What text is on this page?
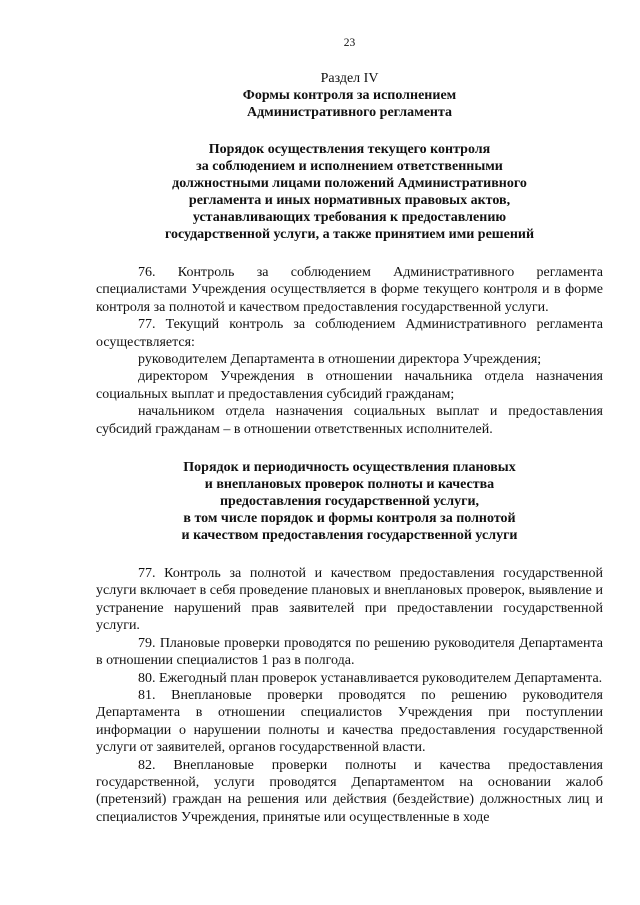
23
Раздел IV
Формы контроля за исполнением
Административного регламента
Порядок осуществления текущего контроля
за соблюдением и исполнением ответственными
должностными лицами положений Административного
регламента и иных нормативных правовых актов,
устанавливающих требования к предоставлению
государственной услуги, а также принятием ими решений

76. Контроль за соблюдением Административного регламента специалистами Учреждения осуществляется в форме текущего контроля и в форме контроля за полнотой и качеством предоставления государственной услуги.

77. Текущий контроль за соблюдением Административного регламента осуществляется:

руководителем Департамента в отношении директора Учреждения;

директором Учреждения в отношении начальника отдела назначения социальных выплат и предоставления субсидий гражданам;

начальником отдела назначения социальных выплат и предоставления субсидий гражданам – в отношении ответственных исполнителей.

Порядок и периодичность осуществления плановых
и внеплановых проверок полноты и качества
предоставления государственной услуги,
в том числе порядок и формы контроля за полнотой
и качеством предоставления государственной услуги

77. Контроль за полнотой и качеством предоставления государственной услуги включает в себя проведение плановых и внеплановых проверок, выявление и устранение нарушений прав заявителей при предоставлении государственной услуги.

79. Плановые проверки проводятся по решению руководителя Департамента в отношении специалистов 1 раз в полгода.

80. Ежегодный план проверок устанавливается руководителем Департамента.

81. Внеплановые проверки проводятся по решению руководителя Департамента в отношении специалистов Учреждения при поступлении информации о нарушении полноты и качества предоставления государственной услуги от заявителей, органов государственной власти.

82. Внеплановые проверки полноты и качества предоставления государственной, услуги проводятся Департаментом на основании жалоб (претензий) граждан на решения или действия (бездействие) должностных лиц и специалистов Учреждения, принятые или осуществленные в ходе
